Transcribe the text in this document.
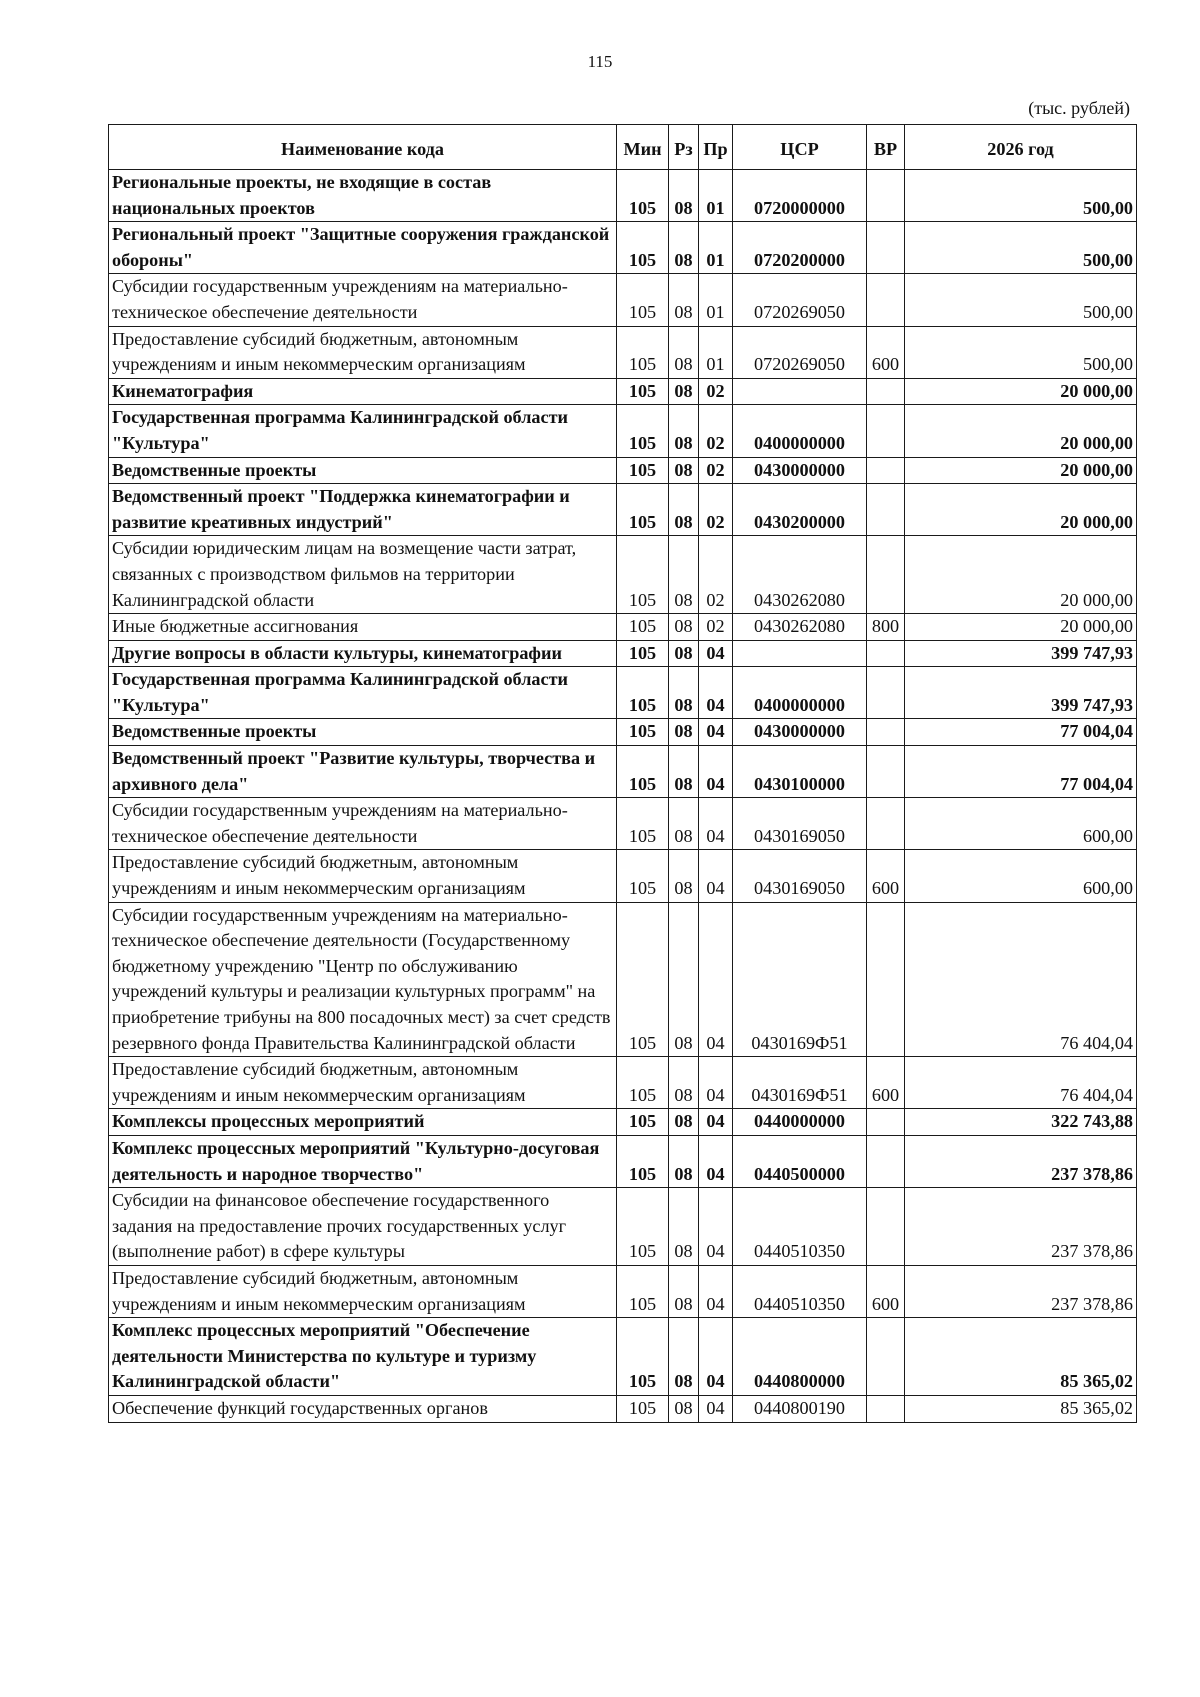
115
(тыс. рублей)
Наименование кода	Мин	Рз	Пр	ЦСР	ВР	2026 год
Региональные проекты, не входящие в состав национальных проектов	105	08	01	0720000000		500,00
Региональный проект "Защитные сооружения гражданской обороны"	105	08	01	0720200000		500,00
Субсидии государственным учреждениям на материально-техническое обеспечение деятельности	105	08	01	0720269050		500,00
Предоставление субсидий бюджетным, автономным учреждениям и иным некоммерческим организациям	105	08	01	0720269050	600	500,00
Кинематография	105	08	02			20 000,00
Государственная программа Калининградской области "Культура"	105	08	02	0400000000		20 000,00
Ведомственные проекты	105	08	02	0430000000		20 000,00
Ведомственный проект "Поддержка кинематографии и развитие креативных индустрий"	105	08	02	0430200000		20 000,00
Субсидии юридическим лицам на возмещение части затрат, связанных с производством фильмов на территории Калининградской области	105	08	02	0430262080		20 000,00
Иные бюджетные ассигнования	105	08	02	0430262080	800	20 000,00
Другие вопросы в области культуры, кинематографии	105	08	04			399 747,93
Государственная программа Калининградской области "Культура"	105	08	04	0400000000		399 747,93
Ведомственные проекты	105	08	04	0430000000		77 004,04
Ведомственный проект "Развитие культуры, творчества и архивного дела"	105	08	04	0430100000		77 004,04
Субсидии государственным учреждениям на материально-техническое обеспечение деятельности	105	08	04	0430169050		600,00
Предоставление субсидий бюджетным, автономным учреждениям и иным некоммерческим организациям	105	08	04	0430169050	600	600,00
Субсидии государственным учреждениям на материально-техническое обеспечение деятельности (Государственному бюджетному учреждению "Центр по обслуживанию учреждений культуры и реализации культурных программ" на приобретение трибуны на 800 посадочных мест) за счет средств резервного фонда Правительства Калининградской области	105	08	04	0430169Ф51		76 404,04
Предоставление субсидий бюджетным, автономным учреждениям и иным некоммерческим организациям	105	08	04	0430169Ф51	600	76 404,04
Комплексы процессных мероприятий	105	08	04	0440000000		322 743,88
Комплекс процессных мероприятий "Культурно-досуговая деятельность и народное творчество"	105	08	04	0440500000		237 378,86
Субсидии на финансовое обеспечение государственного задания на предоставление прочих государственных услуг (выполнение работ) в сфере культуры	105	08	04	0440510350		237 378,86
Предоставление субсидий бюджетным, автономным учреждениям и иным некоммерческим организациям	105	08	04	0440510350	600	237 378,86
Комплекс процессных мероприятий "Обеспечение деятельности Министерства по культуре и туризму Калининградской области"	105	08	04	0440800000		85 365,02
Обеспечение функций государственных органов	105	08	04	0440800190		85 365,02
